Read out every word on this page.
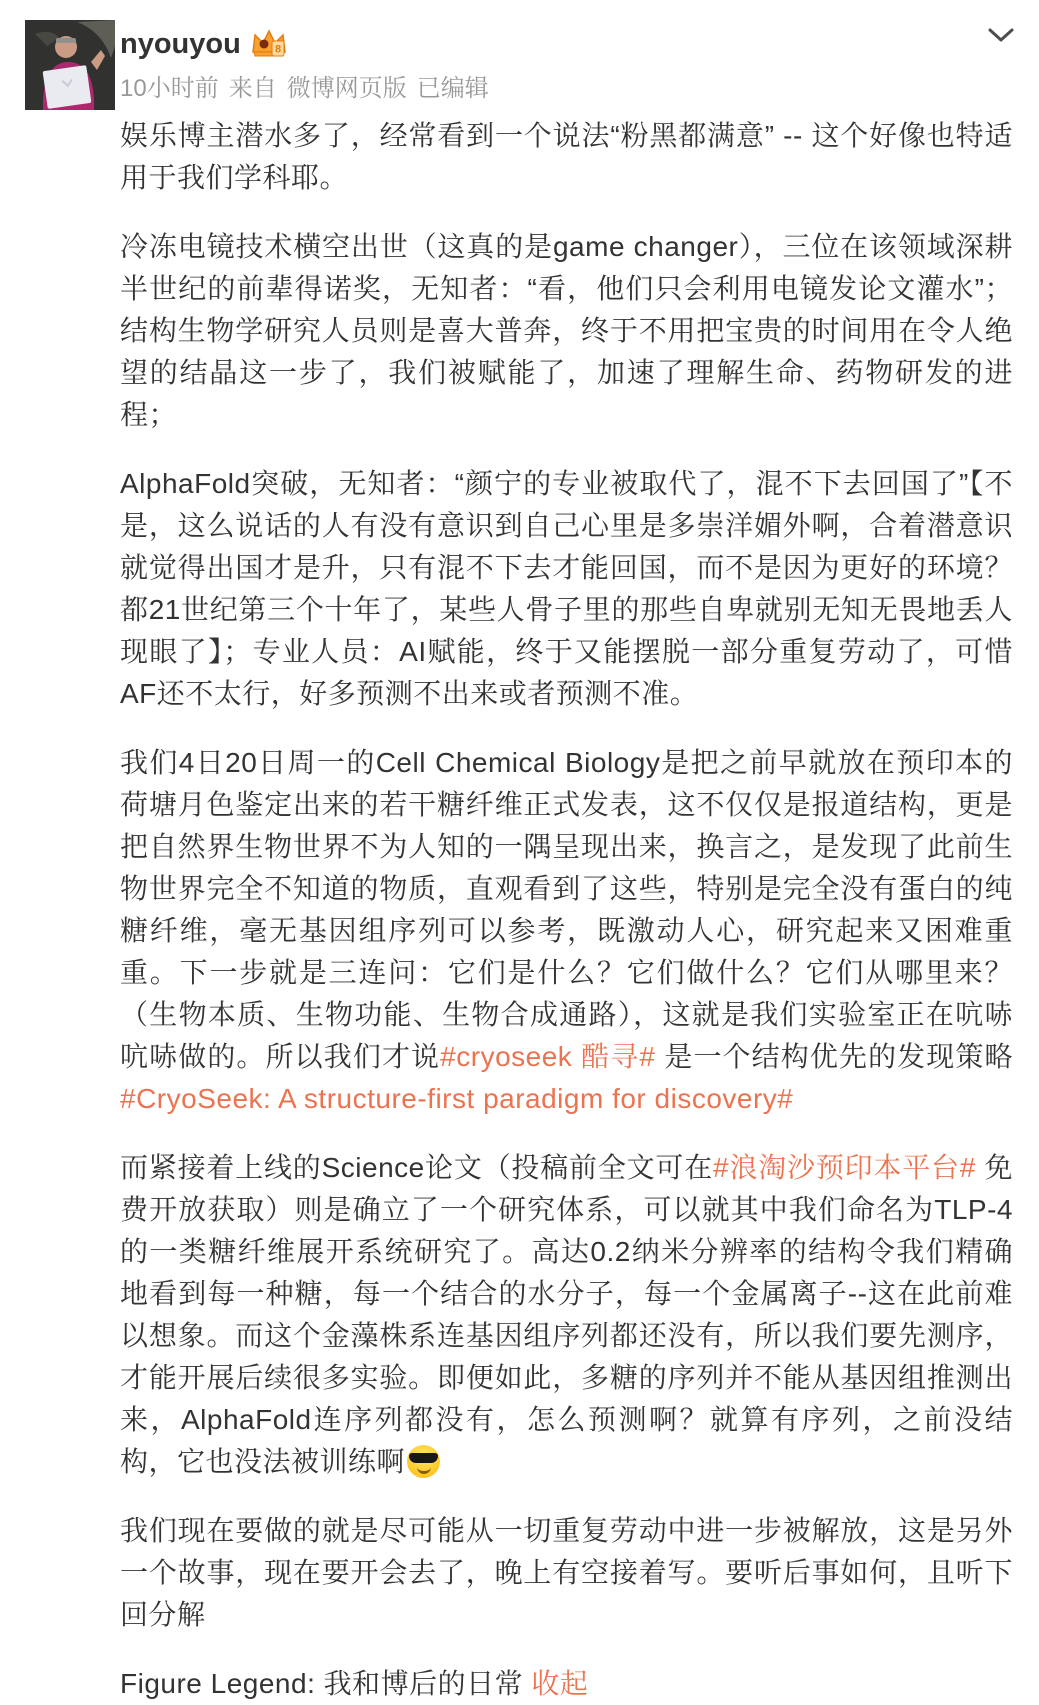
nyouyou	8
10小时前 来自 微博网页版 已编辑

娱乐博主潜水多了，经常看到一个说法“粉黑都满意” -- 这个好像也特适用于我们学科耶。

冷冻电镜技术横空出世（这真的是game changer），三位在该领域深耕半世纪的前辈得诺奖，无知者：“看，他们只会利用电镜发论文灌水”；结构生物学研究人员则是喜大普奔，终于不用把宝贵的时间用在令人绝望的结晶这一步了，我们被赋能了，加速了理解生命、药物研发的进程；

AlphaFold突破，无知者：“颜宁的专业被取代了，混不下去回国了”【不是，这么说话的人有没有意识到自己心里是多崇洋媚外啊，合着潜意识就觉得出国才是升，只有混不下去才能回国，而不是因为更好的环境？都21世纪第三个十年了，某些人骨子里的那些自卑就别无知无畏地丢人现眼了】；专业人员：AI赋能，终于又能摆脱一部分重复劳动了，可惜AF还不太行，好多预测不出来或者预测不准。

我们4日20日周一的Cell Chemical Biology是把之前早就放在预印本的荷塘月色鉴定出来的若干糖纤维正式发表，这不仅仅是报道结构，更是把自然界生物世界不为人知的一隅呈现出来，换言之，是发现了此前生物世界完全不知道的物质，直观看到了这些，特别是完全没有蛋白的纯糖纤维，毫无基因组序列可以参考，既激动人心，研究起来又困难重重。下一步就是三连问：它们是什么？它们做什么？它们从哪里来？（生物本质、生物功能、生物合成通路），这就是我们实验室正在吭哧吭哧做的。所以我们才说#cryoseek 酷寻# 是一个结构优先的发现策略 #CryoSeek: A structure-first paradigm for discovery#

而紧接着上线的Science论文（投稿前全文可在#浪淘沙预印本平台# 免费开放获取）则是确立了一个研究体系，可以就其中我们命名为TLP-4的一类糖纤维展开系统研究了。高达0.2纳米分辨率的结构令我们精确地看到每一种糖，每一个结合的水分子，每一个金属离子--这在此前难以想象。而这个金藻株系连基因组序列都还没有，所以我们要先测序，才能开展后续很多实验。即便如此，多糖的序列并不能从基因组推测出来，AlphaFold连序列都没有，怎么预测啊？就算有序列，之前没结构，它也没法被训练啊

我们现在要做的就是尽可能从一切重复劳动中进一步被解放，这是另外一个故事，现在要开会去了，晚上有空接着写。要听后事如何，且听下回分解

Figure Legend: 我和博后的日常 收起
